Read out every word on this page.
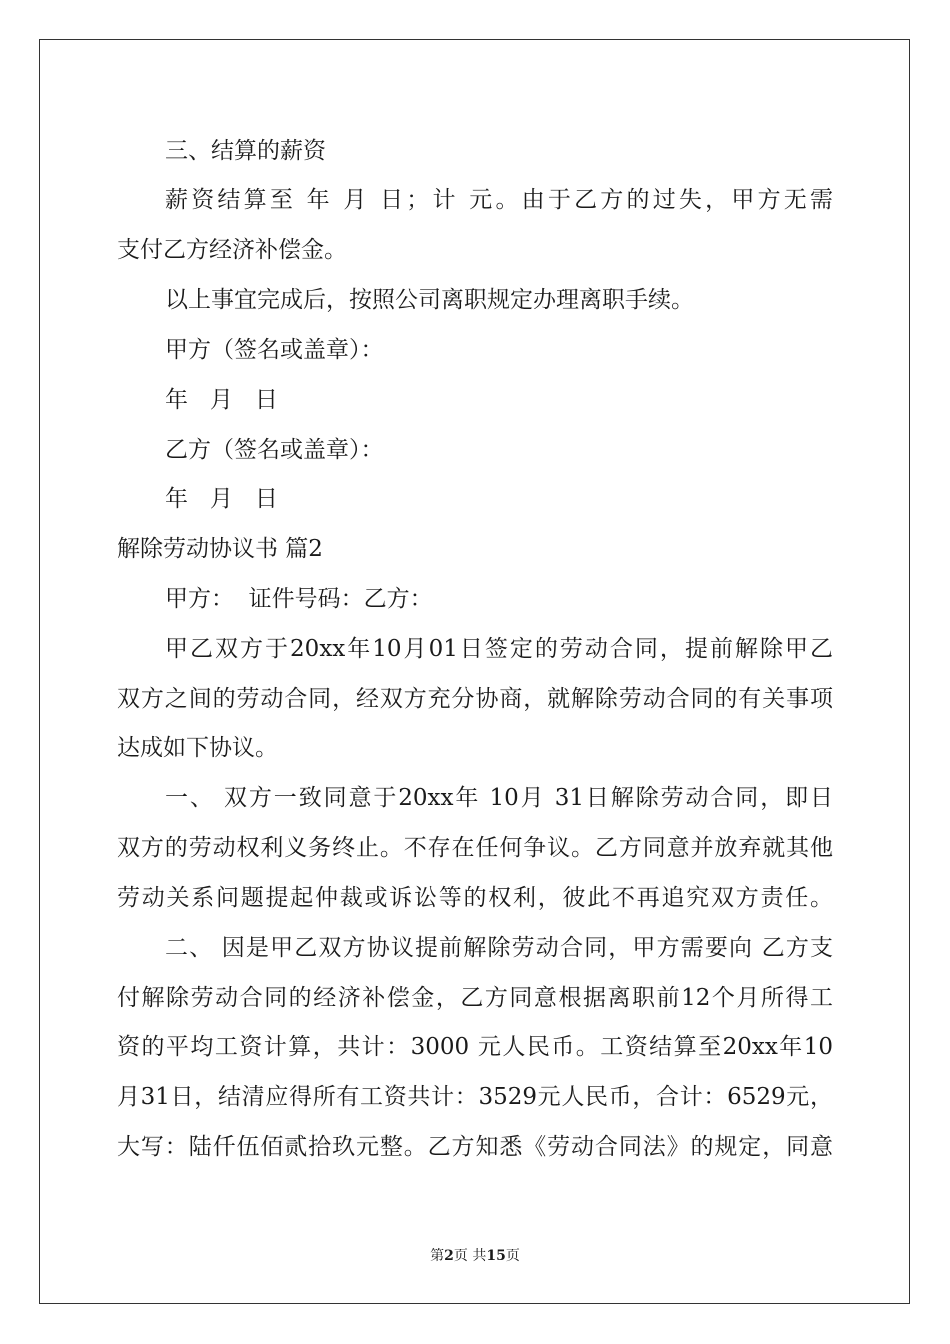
三、结算的薪资
薪资结算至 年 月 日；计 元。由于乙方的过失，甲方无需
支付乙方经济补偿金。
以上事宜完成后，按照公司离职规定办理离职手续。
甲方（签名或盖章）：
年   月   日
乙方（签名或盖章）：
年   月   日
解除劳动协议书 篇2
甲方：  证件号码：乙方：
甲乙双方于20xx年10月01日签定的劳动合同，提前解除甲乙
双方之间的劳动合同，经双方充分协商，就解除劳动合同的有关事项
达成如下协议。
一、 双方一致同意于20xx年 10月 31日解除劳动合同，即日
双方的劳动权利义务终止。不存在任何争议。乙方同意并放弃就其他
劳动关系问题提起仲裁或诉讼等的权利，彼此不再追究双方责任。
二、 因是甲乙双方协议提前解除劳动合同，甲方需要向 乙方支
付解除劳动合同的经济补偿金，乙方同意根据离职前12个月所得工
资的平均工资计算，共计：3000 元人民币。工资结算至20xx年10
月31日，结清应得所有工资共计：3529元人民币，合计：6529元，
大写：陆仟伍佰贰拾玖元整。乙方知悉《劳动合同法》的规定，同意
第2页 共15页
